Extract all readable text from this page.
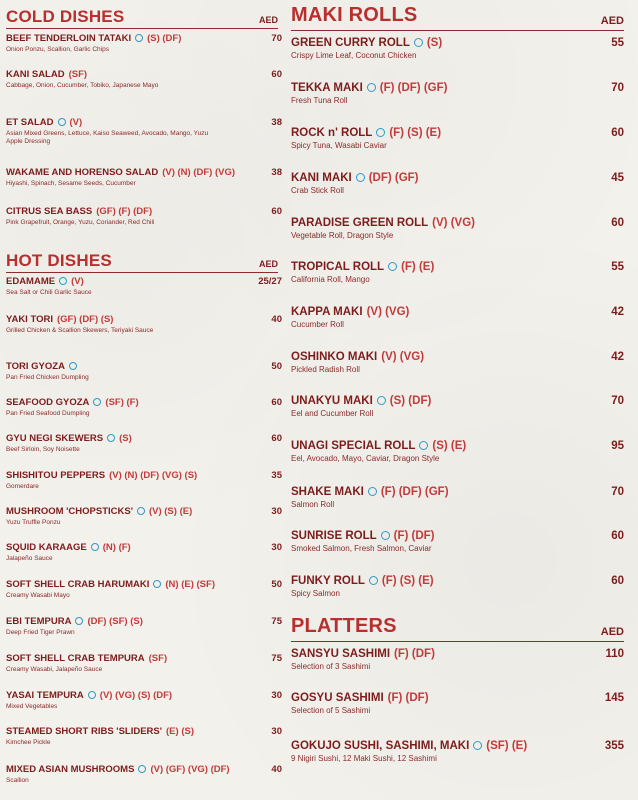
COLD DISHES	AED
BEEF TENDERLOIN TATAKI (S) (DF)	70
Onion Ponzu, Scallion, Garlic Chips
KANI SALAD (SF)	60
Cabbage, Onion, Cucumber, Tobiko, Japanese Mayo
ET SALAD (V)	38
Asian Mixed Greens, Lettuce, Kaiso Seaweed, Avocado, Mango, Yuzu Apple Dressing
WAKAME AND HORENSO SALAD (V) (N) (DF) (VG)	38
Hiyashi, Spinach, Sesame Seeds, Cucumber
CITRUS SEA BASS (GF) (F) (DF)	60
Pink Grapefruit, Orange, Yuzu, Coriander, Red Chili
HOT DISHES	AED
EDAMAME (V)	25/27
Sea Salt or Chili Garlic Sauce
YAKI TORI (GF) (DF) (S)	40
Grilled Chicken & Scallion Skewers, Teriyaki Sauce
TORI GYOZA	50
Pan Fried Chicken Dumpling
SEAFOOD GYOZA (SF) (F)	60
Pan Fried Seafood Dumpling
GYU NEGI SKEWERS (S)	60
Beef Sirloin, Soy Noisette
SHISHITOU PEPPERS (V) (N) (DF) (VG) (S)	35
Gomerdare
MUSHROOM 'CHOPSTICKS' (V) (S) (E)	30
Yuzu Truffle Ponzu
SQUID KARAAGE (N) (F)	30
Jalapeño Sauce
SOFT SHELL CRAB HARUMAKI (N) (E) (SF)	50
Creamy Wasabi Mayo
EBI TEMPURA (DF) (SF) (S)	75
Deep Fried Tiger Prawn
SOFT SHELL CRAB TEMPURA (SF)	75
Creamy Wasabi, Jalapeño Sauce
YASAI TEMPURA (V) (VG) (S) (DF)	30
Mixed Vegetables
STEAMED SHORT RIBS 'SLIDERS' (E) (S)	30
Kimchee Pickle
MIXED ASIAN MUSHROOMS (V) (GF) (VG) (DF)	40
Scallion
MAKI ROLLS	AED
GREEN CURRY ROLL (S)	55
Crispy Lime Leaf, Coconut Chicken
TEKKA MAKI (F) (DF) (GF)	70
Fresh Tuna Roll
ROCK n' ROLL (F) (S) (E)	60
Spicy Tuna, Wasabi Caviar
KANI MAKI (DF) (GF)	45
Crab Stick Roll
PARADISE GREEN ROLL (V) (VG)	60
Vegetable Roll, Dragon Style
TROPICAL ROLL (F) (E)	55
California Roll, Mango
KAPPA MAKI (V) (VG)	42
Cucumber Roll
OSHINKO MAKI (V) (VG)	42
Pickled Radish Roll
UNAKYU MAKI (S) (DF)	70
Eel and Cucumber Roll
UNAGI SPECIAL ROLL (S) (E)	95
Eel, Avocado, Mayo, Caviar, Dragon Style
SHAKE MAKI (F) (DF) (GF)	70
Salmon Roll
SUNRISE ROLL (F) (DF)	60
Smoked Salmon, Fresh Salmon, Caviar
FUNKY ROLL (F) (S) (E)	60
Spicy Salmon
PLATTERS	AED
SANSYU SASHIMI (F) (DF)	110
Selection of 3 Sashimi
GOSYU SASHIMI (F) (DF)	145
Selection of 5 Sashimi
GOKUJO SUSHI, SASHIMI, MAKI (SF) (E)	355
9 Nigiri Sushi, 12 Maki Sushi, 12 Sashimi
